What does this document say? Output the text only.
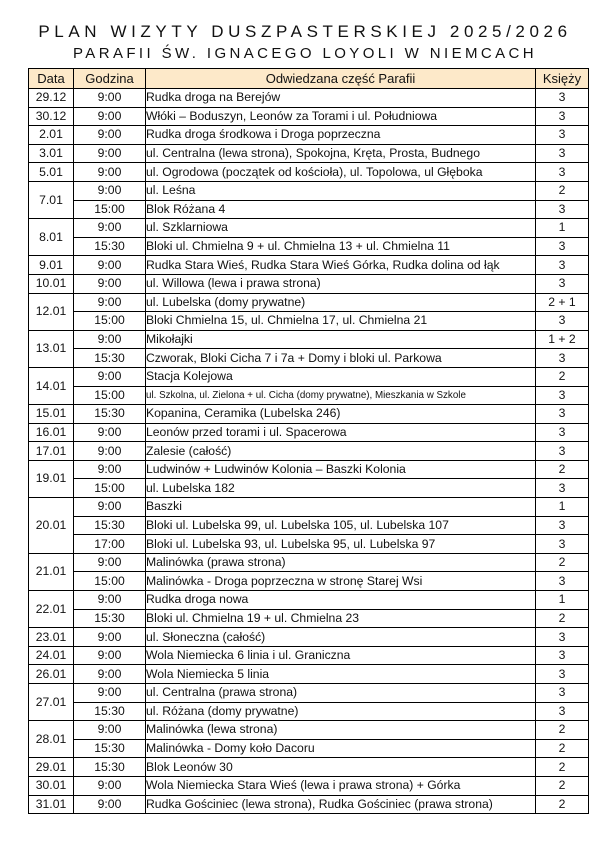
PLAN WIZYTY DUSZPASTERSKIEJ 2025/2026
PARAFII ŚW. IGNACEGO LOYOLI W NIEMCACH
Data	Godzina	Odwiedzana część Parafii	Księży
29.12	9:00	Rudka droga na Berejów	3
30.12	9:00	Włóki – Boduszyn, Leonów za Torami i ul. Południowa	3
2.01	9:00	Rudka droga środkowa i Droga poprzeczna	3
3.01	9:00	ul. Centralna (lewa strona), Spokojna, Kręta, Prosta, Budnego	3
5.01	9:00	ul. Ogrodowa (początek od kościoła), ul. Topolowa, ul Głęboka	3
7.01	9:00	ul. Leśna	2
	15:00	Blok Różana 4	3
8.01	9:00	ul. Szklarniowa	1
	15:30	Bloki ul. Chmielna 9 + ul. Chmielna 13 + ul. Chmielna 11	3
9.01	9:00	Rudka Stara Wieś, Rudka Stara Wieś Górka, Rudka dolina od łąk	3
10.01	9:00	ul. Willowa (lewa i prawa strona)	3
12.01	9:00	ul. Lubelska (domy prywatne)	2 + 1
	15:00	Bloki Chmielna 15, ul. Chmielna 17, ul. Chmielna 21	3
13.01	9:00	Mikołajki	1 + 2
	15:30	Czworak, Bloki Cicha 7 i 7a + Domy i bloki ul. Parkowa	3
14.01	9:00	Stacja Kolejowa	2
	15:00	ul. Szkolna, ul. Zielona + ul. Cicha (domy prywatne), Mieszkania w Szkole	3
15.01	15:30	Kopanina, Ceramika (Lubelska 246)	3
16.01	9:00	Leonów przed torami i ul. Spacerowa	3
17.01	9:00	Zalesie (całość)	3
19.01	9:00	Ludwinów + Ludwinów Kolonia – Baszki Kolonia	2
	15:00	ul. Lubelska 182	3
20.01	9:00	Baszki	1
	15:30	Bloki ul. Lubelska 99, ul. Lubelska 105, ul. Lubelska 107	3
	17:00	Bloki ul. Lubelska 93, ul. Lubelska 95, ul. Lubelska 97	3
21.01	9:00	Malinówka (prawa strona)	2
	15:00	Malinówka - Droga poprzeczna w stronę Starej Wsi	3
22.01	9:00	Rudka droga nowa	1
	15:30	Bloki ul. Chmielna 19 + ul. Chmielna 23	2
23.01	9:00	ul. Słoneczna (całość)	3
24.01	9:00	Wola Niemiecka 6 linia i ul. Graniczna	3
26.01	9:00	Wola Niemiecka 5 linia	3
27.01	9:00	ul. Centralna (prawa strona)	3
	15:30	ul. Różana (domy prywatne)	3
28.01	9:00	Malinówka (lewa strona)	2
	15:30	Malinówka - Domy koło Dacoru	2
29.01	15:30	Blok Leonów 30	2
30.01	9:00	Wola Niemiecka Stara Wieś (lewa i prawa strona) + Górka	2
31.01	9:00	Rudka Gościniec (lewa strona), Rudka Gościniec (prawa strona)	2
